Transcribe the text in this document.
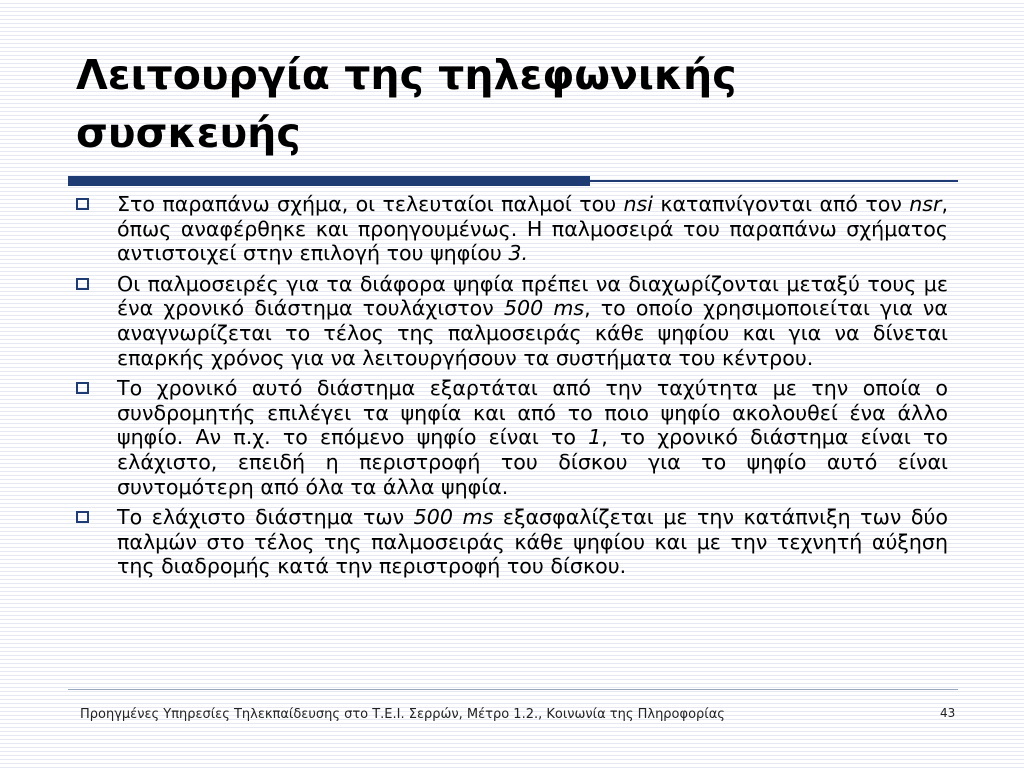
Λειτουργία της τηλεφωνικής
συσκευής
Στο παραπάνω σχήμα, οι τελευταίοι παλμοί του nsi καταπνίγονται από τον nsr, όπως αναφέρθηκε και προηγουμένως. Η παλμοσειρά του παραπάνω σχήματος αντιστοιχεί στην επιλογή του ψηφίου 3.
Οι παλμοσειρές για τα διάφορα ψηφία πρέπει να διαχωρίζονται μεταξύ τους με ένα χρονικό διάστημα τουλάχιστον 500 ms, το οποίο χρησιμοποιείται για να αναγνωρίζεται το τέλος της παλμοσειράς κάθε ψηφίου και για να δίνεται επαρκής χρόνος για να λειτουργήσουν τα συστήματα του κέντρου.
Το χρονικό αυτό διάστημα εξαρτάται από την ταχύτητα με την οποία ο συνδρομητής επιλέγει τα ψηφία και από το ποιο ψηφίο ακολουθεί ένα άλλο ψηφίο. Αν π.χ. το επόμενο ψηφίο είναι το 1, το χρονικό διάστημα είναι το ελάχιστο, επειδή η περιστροφή του δίσκου για το ψηφίο αυτό είναι συντομότερη από όλα τα άλλα ψηφία.
Το ελάχιστο διάστημα των 500 ms εξασφαλίζεται με την κατάπνιξη των δύο παλμών στο τέλος της παλμοσειράς κάθε ψηφίου και με την τεχνητή αύξηση της διαδρομής κατά την περιστροφή του δίσκου.
Προηγμένες Υπηρεσίες Τηλεκπαίδευσης στο Τ.Ε.Ι. Σερρών, Μέτρο 1.2., Κοινωνία της Πληροφορίας	43
